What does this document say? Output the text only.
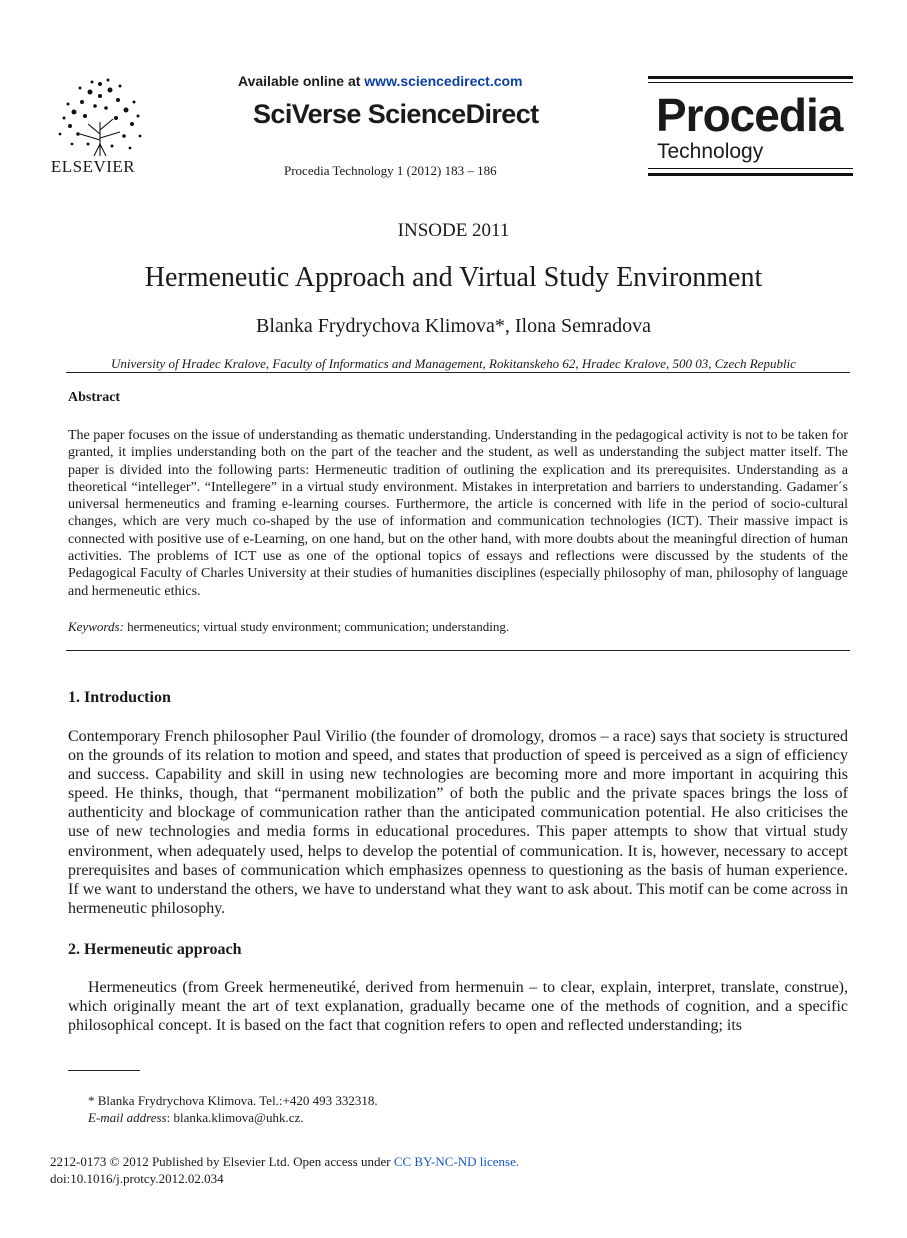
ELSEVIER
Available online at www.sciencedirect.com
SciVerse ScienceDirect
Procedia Technology 1 (2012) 183 – 186
Procedia
Technology
INSODE 2011
Hermeneutic Approach and Virtual Study Environment
Blanka Frydrychova Klimova*, Ilona Semradova
University of Hradec Kralove, Faculty of Informatics and Management, Rokitanskeho 62, Hradec Kralove, 500 03, Czech Republic
Abstract
The paper focuses on the issue of understanding as thematic understanding. Understanding in the pedagogical activity is not to be taken for granted, it implies understanding both on the part of the teacher and the student, as well as understanding the subject matter itself. The paper is divided into the following parts: Hermeneutic tradition of outlining the explication and its prerequisites. Understanding as a theoretical “intelleger”. “Intellegere” in a virtual study environment. Mistakes in interpretation and barriers to understanding. Gadamer´s universal hermeneutics and framing e-learning courses. Furthermore, the article is concerned with life in the period of socio-cultural changes, which are very much co-shaped by the use of information and communication technologies (ICT). Their massive impact is connected with positive use of e-Learning, on one hand, but on the other hand, with more doubts about the meaningful direction of human activities. The problems of ICT use as one of the optional topics of essays and reflections were discussed by the students of the Pedagogical Faculty of Charles University at their studies of humanities disciplines (especially philosophy of man, philosophy of language and hermeneutic ethics.
Keywords: hermeneutics; virtual study environment; communication; understanding.
1. Introduction
Contemporary French philosopher Paul Virilio (the founder of dromology, dromos – a race) says that society is structured on the grounds of its relation to motion and speed, and states that production of speed is perceived as a sign of efficiency and success. Capability and skill in using new technologies are becoming more and more important in acquiring this speed. He thinks, though, that “permanent mobilization” of both the public and the private spaces brings the loss of authenticity and blockage of communication rather than the anticipated communication potential. He also criticises the use of new technologies and media forms in educational procedures. This paper attempts to show that virtual study environment, when adequately used, helps to develop the potential of communication. It is, however, necessary to accept prerequisites and bases of communication which emphasizes openness to questioning as the basis of human experience. If we want to understand the others, we have to understand what they want to ask about. This motif can be come across in hermeneutic philosophy.
2. Hermeneutic approach
Hermeneutics (from Greek hermeneutiké, derived from hermenuin – to clear, explain, interpret, translate, construe), which originally meant the art of text explanation, gradually became one of the methods of cognition, and a specific philosophical concept. It is based on the fact that cognition refers to open and reflected understanding; its
* Blanka Frydrychova Klimova. Tel.:+420 493 332318.
E-mail address: blanka.klimova@uhk.cz.
2212-0173 © 2012 Published by Elsevier Ltd. Open access under CC BY-NC-ND license.
doi:10.1016/j.protcy.2012.02.034
